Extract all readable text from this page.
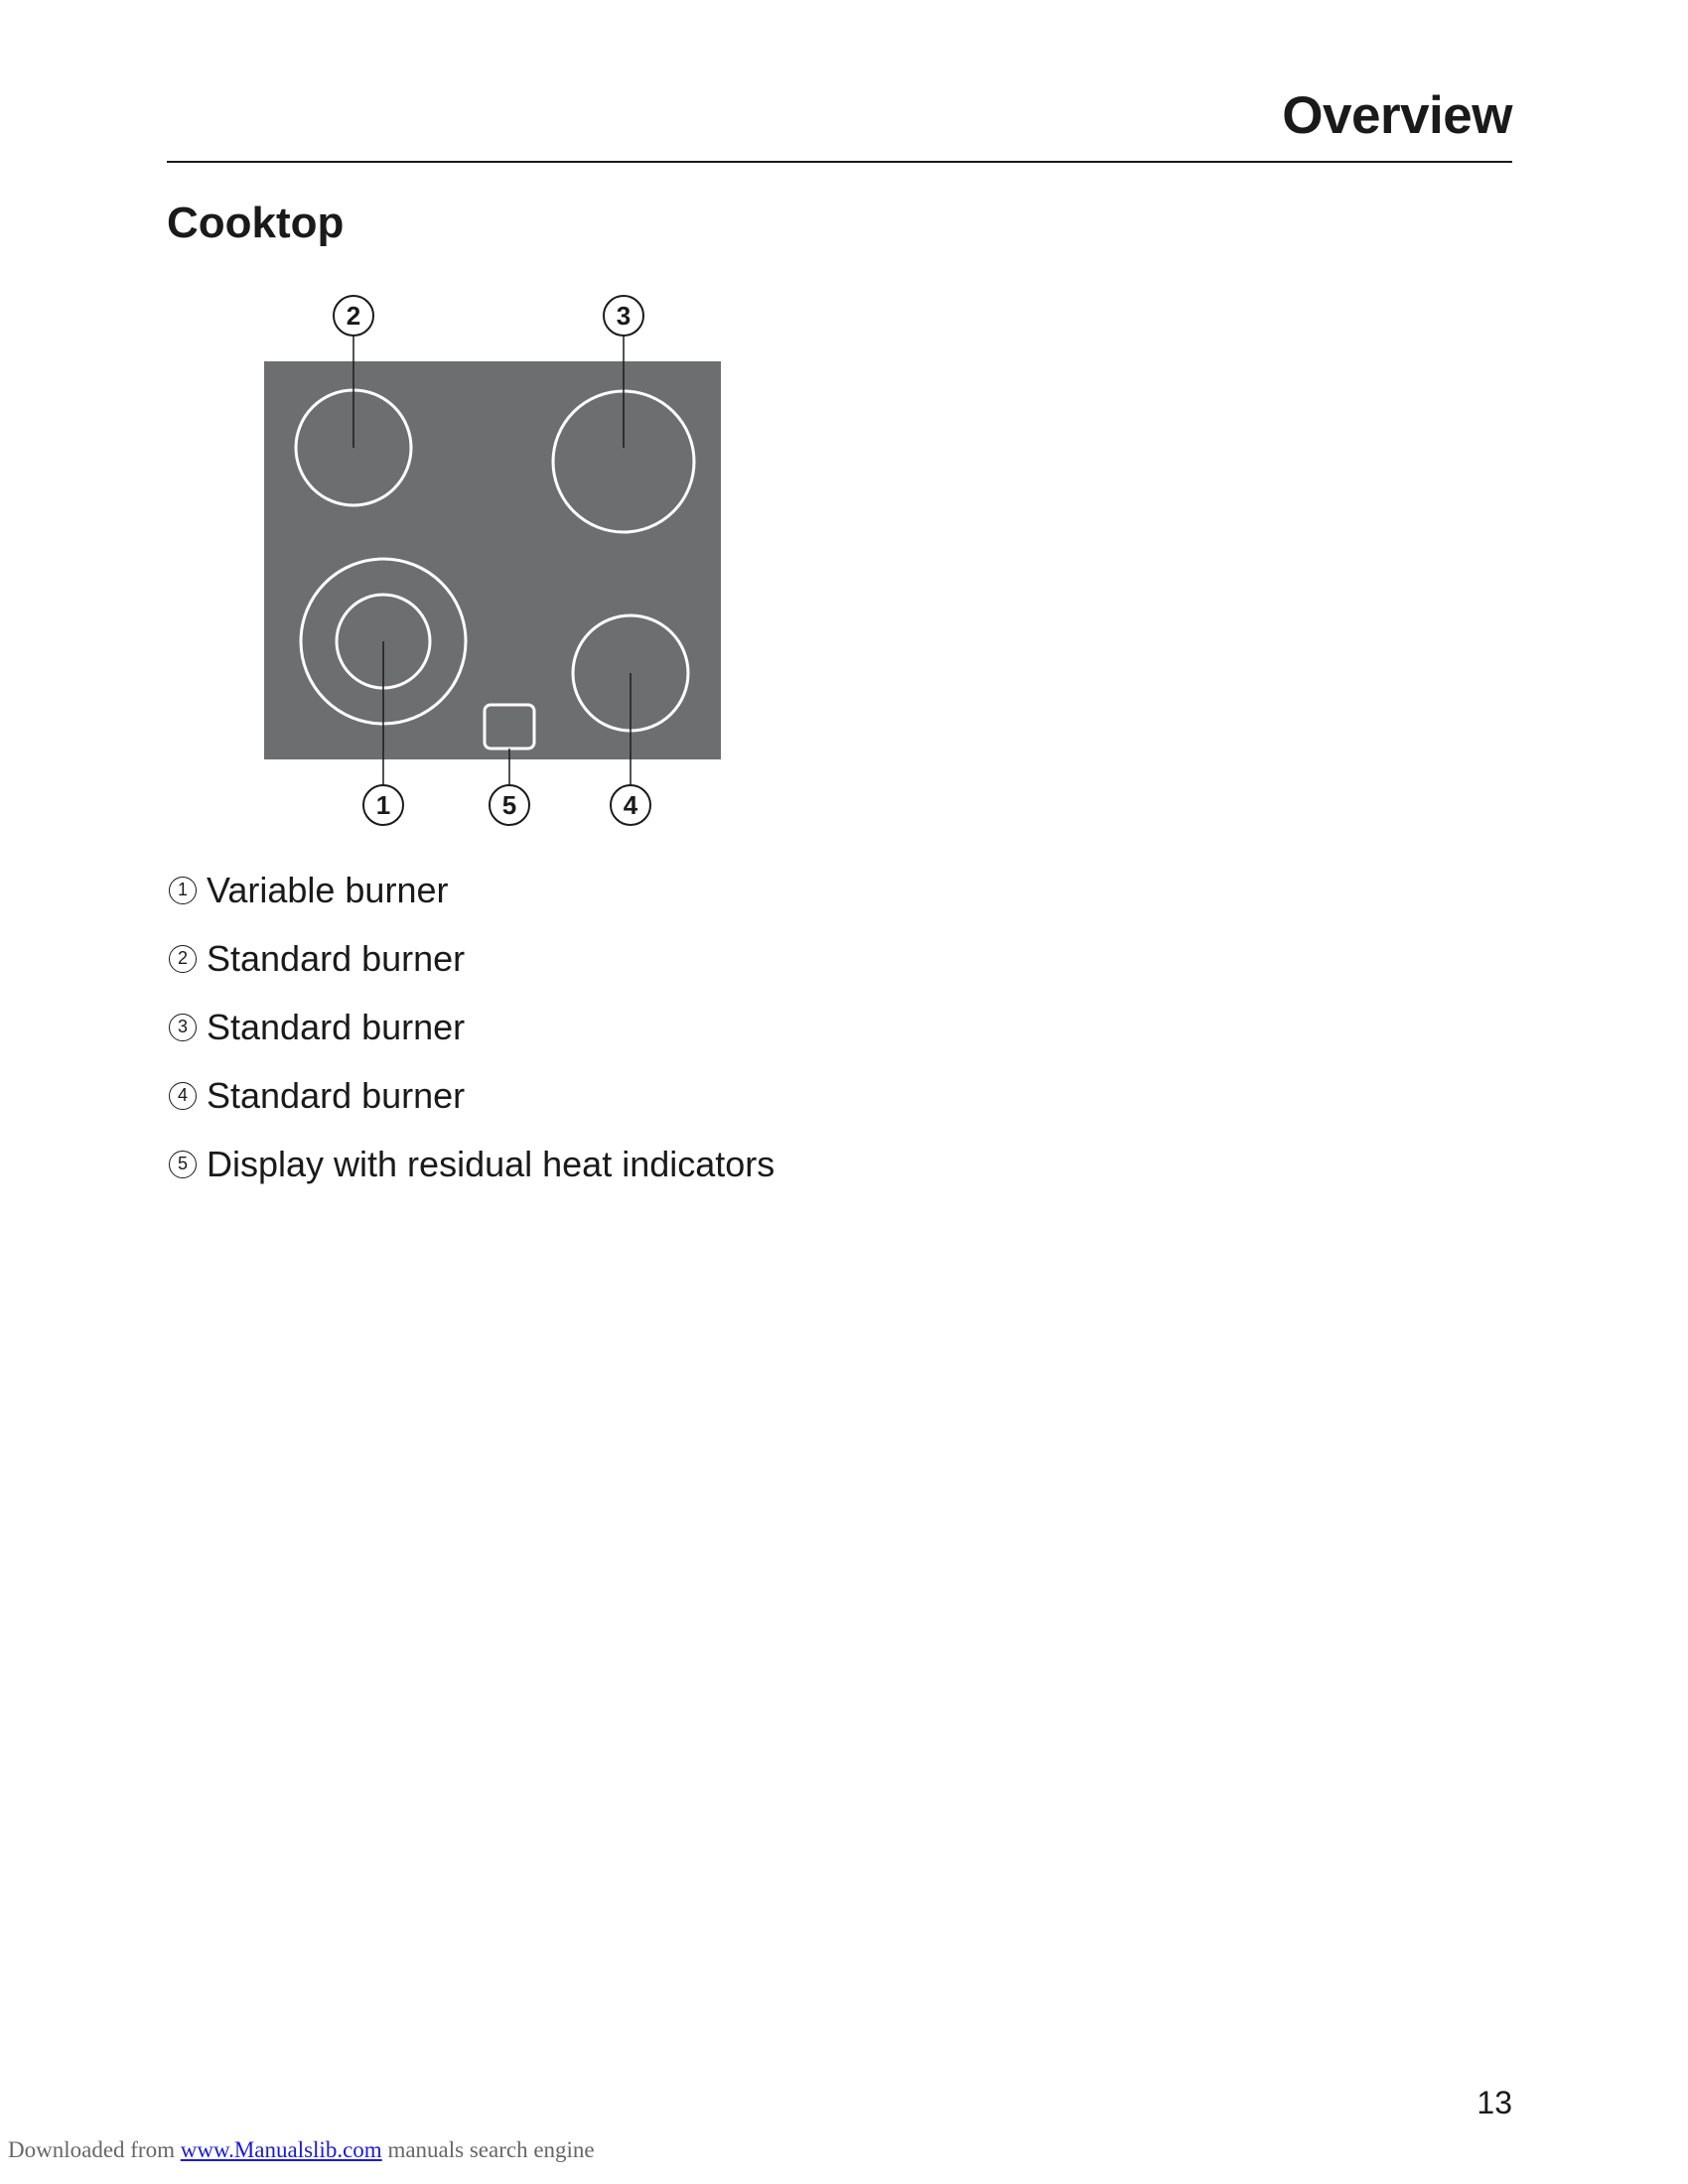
Overview
Cooktop
2	3
1	5	4
1 Variable burner
2 Standard burner
3 Standard burner
4 Standard burner
5 Display with residual heat indicators
13
Downloaded from www.Manualslib.com manuals search engine
